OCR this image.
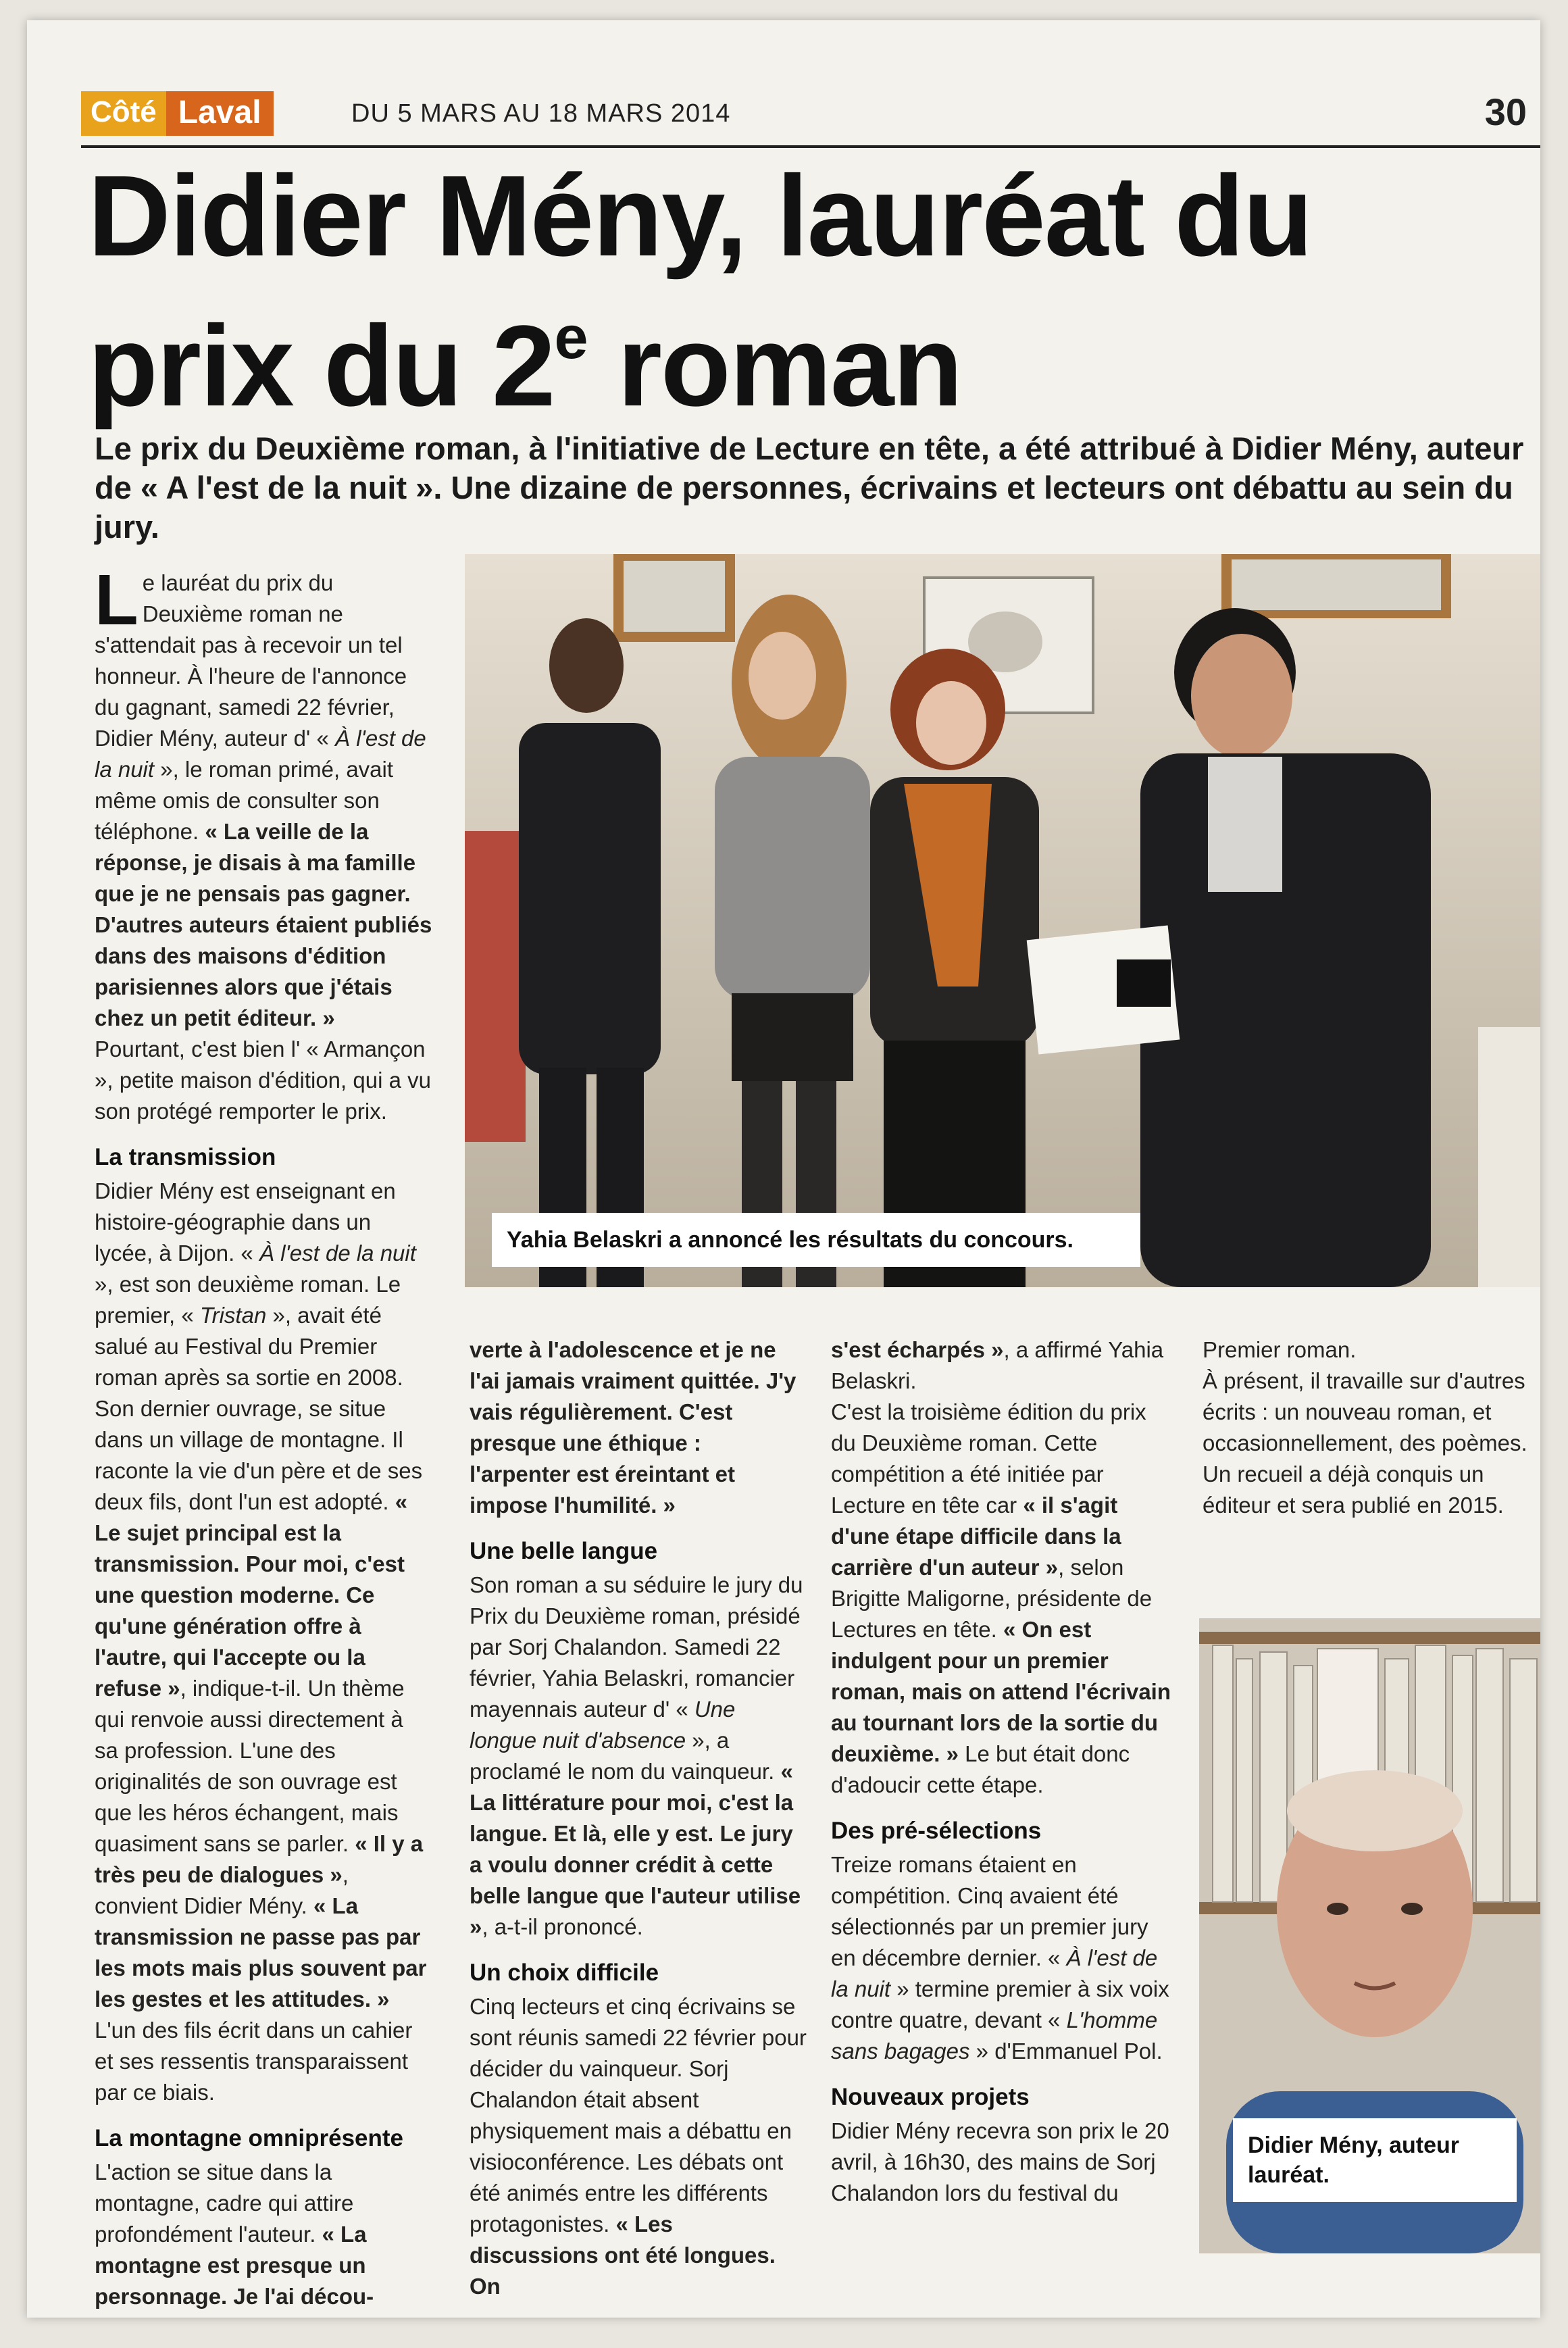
Côté Laval	DU 5 MARS AU 18 MARS 2014	30
Didier Mény, lauréat du
prix du 2e roman
Le prix du Deuxième roman, à l'initiative de Lecture en tête, a été attribué à Didier Mény, auteur de « A l'est de la nuit ». Une dizaine de personnes, écrivains et lecteurs ont débattu au sein du jury.
Yahia Belaskri a annoncé les résultats du concours.

Le lauréat du prix du Deuxième roman ne s'attendait pas à recevoir un tel honneur. À l'heure de l'annonce du gagnant, samedi 22 février, Didier Mény, auteur d' « À l'est de la nuit », le roman primé, avait même omis de consulter son téléphone. « La veille de la réponse, je disais à ma famille que je ne pensais pas gagner. D'autres auteurs étaient publiés dans des maisons d'édition parisiennes alors que j'étais chez un petit éditeur. »

Pourtant, c'est bien l' « Armançon », petite maison d'édition, qui a vu son protégé remporter le prix.

La transmission

Didier Mény est enseignant en histoire-géographie dans un lycée, à Dijon. « À l'est de la nuit », est son deuxième roman. Le premier, « Tristan », avait été salué au Festival du Premier roman après sa sortie en 2008. Son dernier ouvrage, se situe dans un village de montagne. Il raconte la vie d'un père et de ses deux fils, dont l'un est adopté. « Le sujet principal est la transmission. Pour moi, c'est une question moderne. Ce qu'une génération offre à l'autre, qui l'accepte ou la refuse », indique-t-il. Un thème qui renvoie aussi directement à sa profession. L'une des originalités de son ouvrage est que les héros échangent, mais quasiment sans se parler. « Il y a très peu de dialogues », convient Didier Mény. « La transmission ne passe pas par les mots mais plus souvent par les gestes et les attitudes. » L'un des fils écrit dans un cahier et ses ressentis transparaissent par ce biais.

La montagne omniprésente

L'action se situe dans la montagne, cadre qui attire profondément l'auteur. « La montagne est presque un personnage. Je l'ai décou-

verte à l'adolescence et je ne l'ai jamais vraiment quittée. J'y vais régulièrement. C'est presque une éthique : l'arpenter est éreintant et impose l'humilité. »

Une belle langue

Son roman a su séduire le jury du Prix du Deuxième roman, présidé par Sorj Chalandon. Samedi 22 février, Yahia Belaskri, romancier mayennais auteur d' « Une longue nuit d'absence », a proclamé le nom du vainqueur. « La littérature pour moi, c'est la langue. Et là, elle y est. Le jury a voulu donner crédit à cette belle langue que l'auteur utilise », a-t-il prononcé.

Un choix difficile

Cinq lecteurs et cinq écrivains se sont réunis samedi 22 février pour décider du vainqueur. Sorj Chalandon était absent physiquement mais a débattu en visioconférence. Les débats ont été animés entre les différents protagonistes. « Les discussions ont été longues. On

s'est écharpés », a affirmé Yahia Belaskri.

C'est la troisième édition du prix du Deuxième roman. Cette compétition a été initiée par Lecture en tête car « il s'agit d'une étape difficile dans la carrière d'un auteur », selon Brigitte Maligorne, présidente de Lectures en tête. « On est indulgent pour un premier roman, mais on attend l'écrivain au tournant lors de la sortie du deuxième. » Le but était donc d'adoucir cette étape.

Des pré-sélections

Treize romans étaient en compétition. Cinq avaient été sélectionnés par un premier jury en décembre dernier. « À l'est de la nuit » termine premier à six voix contre quatre, devant « L'homme sans bagages » d'Emmanuel Pol.

Nouveaux projets

Didier Mény recevra son prix le 20 avril, à 16h30, des mains de Sorj Chalandon lors du festival du

Premier roman.

À présent, il travaille sur d'autres écrits : un nouveau roman, et occasionnellement, des poèmes. Un recueil a déjà conquis un éditeur et sera publié en 2015.

Didier Mény, auteur lauréat.
